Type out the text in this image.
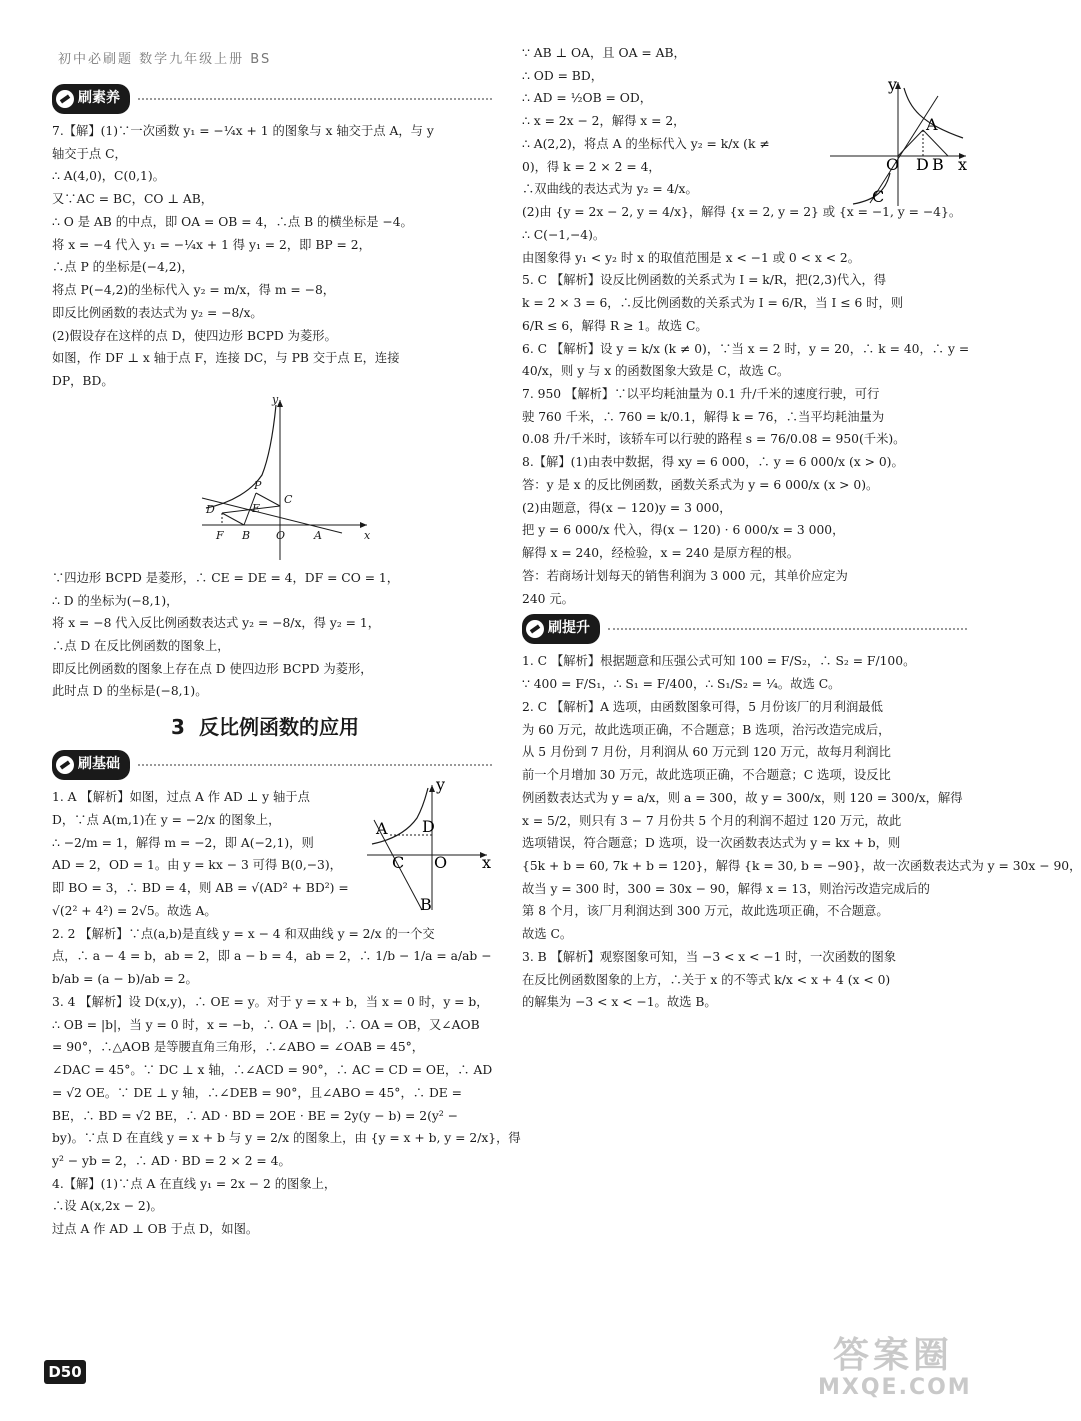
初中必刷题 数学九年级上册 BS
刷素养
7.【解】(1)∵一次函数 y₁ = −¼x + 1 的图象与 x 轴交于点 A，与 y
轴交于点 C，
∴ A(4,0)，C(0,1)。
又∵AC = BC，CO ⊥ AB，
∴ O 是 AB 的中点，即 OA = OB = 4，∴点 B 的横坐标是 −4。
将 x = −4 代入 y₁ = −¼x + 1 得 y₁ = 2，即 BP = 2，
∴点 P 的坐标是(−4,2)，
将点 P(−4,2)的坐标代入 y₂ = m/x，得 m = −8，
即反比例函数的表达式为 y₂ = −8/x。
(2)假设存在这样的点 D，使四边形 BCPD 为菱形。
如图，作 DF ⊥ x 轴于点 F，连接 DC，与 PB 交于点 E，连接
DP，BD。
y
x
P
C
E
F B O	A
D
∵四边形 BCPD 是菱形，∴ CE = DE = 4，DF = CO = 1，
∴ D 的坐标为(−8,1)，
将 x = −8 代入反比例函数表达式 y₂ = −8/x，得 y₂ = 1，
∴点 D 在反比例函数的图象上，
即反比例函数的图象上存在点 D 使四边形 BCPD 为菱形，
此时点 D 的坐标是(−8,1)。
3 反比例函数的应用
刷基础
1. A 【解析】如图，过点 A 作 AD ⊥ y 轴于点
D，∵点 A(m,1)在 y = −2/x 的图象上，
∴ −2/m = 1，解得 m = −2，即 A(−2,1)，则
AD = 2，OD = 1。由 y = kx − 3 可得 B(0,−3)，
即 BO = 3，∴ BD = 4，则 AB = √(AD² + BD²) =
√(2² + 4²) = 2√5。故选 A。
2. 2 【解析】∵点(a,b)是直线 y = x − 4 和双曲线 y = 2/x 的一个交
点，∴ a − 4 = b，ab = 2，即 a − b = 4，ab = 2，∴ 1/b − 1/a = a/ab −
b/ab = (a − b)/ab = 2。
3. 4 【解析】设 D(x,y)，∴ OE = y。对于 y = x + b，当 x = 0 时，y = b，
∴ OB = |b|，当 y = 0 时，x = −b，∴ OA = |b|，∴ OA = OB，又∠AOB
= 90°，∴△AOB 是等腰直角三角形，∴∠ABO = ∠OAB = 45°，
∠DAC = 45°。∵ DC ⊥ x 轴，∴∠ACD = 90°，∴ AC = CD = OE，∴ AD
= √2 OE。∵ DE ⊥ y 轴，∴∠DEB = 90°，且∠ABO = 45°，∴ DE =
BE，∴ BD = √2 BE，∴ AD · BD = 2OE · BE = 2y(y − b) = 2(y² −
by)。∵点 D 在直线 y = x + b 与 y = 2/x 的图象上，由 {y = x + b, y = 2/x}，得
y² − yb = 2，∴ AD · BD = 2 × 2 = 4。
4.【解】(1)∵点 A 在直线 y₁ = 2x − 2 的图象上，
∴设 A(x,2x − 2)。
过点 A 作 AD ⊥ OB 于点 D，如图。
y
x
A D
C O
B
∵ AB ⊥ OA，且 OA = AB，
∴ OD = BD，
∴ AD = ½OB = OD，
∴ x = 2x − 2，解得 x = 2，
∴ A(2,2)，将点 A 的坐标代入 y₂ = k/x (k ≠
0)，得 k = 2 × 2 = 4，
∴双曲线的表达式为 y₂ = 4/x。
(2)由 {y = 2x − 2, y = 4/x}，解得 {x = 2, y = 2} 或 {x = −1, y = −4}。
∴ C(−1,−4)。
由图象得 y₁ < y₂ 时 x 的取值范围是 x < −1 或 0 < x < 2。
5. C 【解析】设反比例函数的关系式为 I = k/R，把(2,3)代入，得
k = 2 × 3 = 6，∴反比例函数的关系式为 I = 6/R，当 I ≤ 6 时，则
6/R ≤ 6，解得 R ≥ 1。故选 C。
6. C 【解析】设 y = k/x (k ≠ 0)，∵当 x = 2 时，y = 20，∴ k = 40，∴ y =
40/x，则 y 与 x 的函数图象大致是 C，故选 C。
7. 950 【解析】∵以平均耗油量为 0.1 升/千米的速度行驶，可行
驶 760 千米，∴ 760 = k/0.1，解得 k = 76，∴当平均耗油量为
0.08 升/千米时，该轿车可以行驶的路程 s = 76/0.08 = 950(千米)。
8.【解】(1)由表中数据，得 xy = 6 000，∴ y = 6 000/x (x > 0)。
答：y 是 x 的反比例函数，函数关系式为 y = 6 000/x (x > 0)。
(2)由题意，得(x − 120)y = 3 000，
把 y = 6 000/x 代入，得(x − 120) · 6 000/x = 3 000，
解得 x = 240，经检验，x = 240 是原方程的根。
答：若商场计划每天的销售利润为 3 000 元，其单价应定为
240 元。
刷提升
1. C 【解析】根据题意和压强公式可知 100 = F/S₂，∴ S₂ = F/100。
∵ 400 = F/S₁，∴ S₁ = F/400，∴ S₁/S₂ = ¼。故选 C。
2. C 【解析】A 选项，由函数图象可得，5 月份该厂的月利润最低
为 60 万元，故此选项正确，不合题意；B 选项，治污改造完成后，
从 5 月份到 7 月份，月利润从 60 万元到 120 万元，故每月利润比
前一个月增加 30 万元，故此选项正确，不合题意；C 选项，设反比
例函数表达式为 y = a/x，则 a = 300，故 y = 300/x，则 120 = 300/x，解得
x = 5/2，则只有 3 − 7 月份共 5 个月的利润不超过 120 万元，故此
选项错误，符合题意；D 选项，设一次函数表达式为 y = kx + b，则
{5k + b = 60, 7k + b = 120}，解得 {k = 30, b = −90}，故一次函数表达式为 y = 30x − 90，
故当 y = 300 时，300 = 30x − 90，解得 x = 13，则治污改造完成后的
第 8 个月，该厂月利润达到 300 万元，故此选项正确，不合题意。
故选 C。
3. B 【解析】观察图象可知，当 −3 < x < −1 时，一次函数的图象
在反比例函数图象的上方，∴关于 x 的不等式 k/x < x + 4 (x < 0)
的解集为 −3 < x < −1。故选 B。
y
x
A
O D B
C
D50	答案圈
MXQE.COM
